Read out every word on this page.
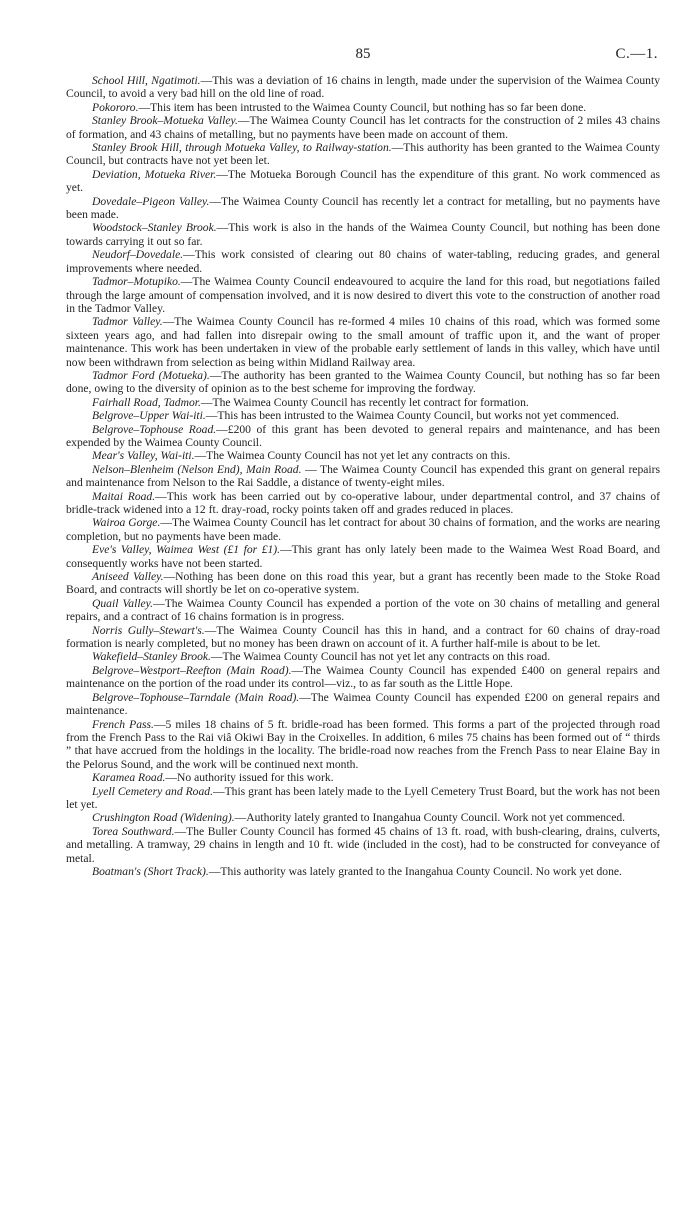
85	C.—1.

School Hill, Ngatimoti.—This was a deviation of 16 chains in length, made under the supervision of the Waimea County Council, to avoid a very bad hill on the old line of road.

Pokororo.—This item has been intrusted to the Waimea County Council, but nothing has so far been done.

Stanley Brook–Motueka Valley.—The Waimea County Council has let contracts for the construction of 2 miles 43 chains of formation, and 43 chains of metalling, but no payments have been made on account of them.

Stanley Brook Hill, through Motueka Valley, to Railway-station.—This authority has been granted to the Waimea County Council, but contracts have not yet been let.

Deviation, Motueka River.—The Motueka Borough Council has the expenditure of this grant. No work commenced as yet.

Dovedale–Pigeon Valley.—The Waimea County Council has recently let a contract for metalling, but no payments have been made.

Woodstock–Stanley Brook.—This work is also in the hands of the Waimea County Council, but nothing has been done towards carrying it out so far.

Neudorf–Dovedale.—This work consisted of clearing out 80 chains of water-tabling, reducing grades, and general improvements where needed.

Tadmor–Motupiko.—The Waimea County Council endeavoured to acquire the land for this road, but negotiations failed through the large amount of compensation involved, and it is now desired to divert this vote to the construction of another road in the Tadmor Valley.

Tadmor Valley.—The Waimea County Council has re-formed 4 miles 10 chains of this road, which was formed some sixteen years ago, and had fallen into disrepair owing to the small amount of traffic upon it, and the want of proper maintenance. This work has been undertaken in view of the probable early settlement of lands in this valley, which have until now been withdrawn from selection as being within Midland Railway area.

Tadmor Ford (Motueka).—The authority has been granted to the Waimea County Council, but nothing has so far been done, owing to the diversity of opinion as to the best scheme for improving the fordway.

Fairhall Road, Tadmor.—The Waimea County Council has recently let contract for formation.

Belgrove–Upper Wai-iti.—This has been intrusted to the Waimea County Council, but works not yet commenced.

Belgrove–Tophouse Road.—£200 of this grant has been devoted to general repairs and maintenance, and has been expended by the Waimea County Council.

Mear's Valley, Wai-iti.—The Waimea County Council has not yet let any contracts on this.

Nelson–Blenheim (Nelson End), Main Road. — The Waimea County Council has expended this grant on general repairs and maintenance from Nelson to the Rai Saddle, a distance of twenty-eight miles.

Maitai Road.—This work has been carried out by co-operative labour, under departmental control, and 37 chains of bridle-track widened into a 12 ft. dray-road, rocky points taken off and grades reduced in places.

Wairoa Gorge.—The Waimea County Council has let contract for about 30 chains of formation, and the works are nearing completion, but no payments have been made.

Eve's Valley, Waimea West (£1 for £1).—This grant has only lately been made to the Waimea West Road Board, and consequently works have not been started.

Aniseed Valley.—Nothing has been done on this road this year, but a grant has recently been made to the Stoke Road Board, and contracts will shortly be let on co-operative system.

Quail Valley.—The Waimea County Council has expended a portion of the vote on 30 chains of metalling and general repairs, and a contract of 16 chains formation is in progress.

Norris Gully–Stewart's.—The Waimea County Council has this in hand, and a contract for 60 chains of dray-road formation is nearly completed, but no money has been drawn on account of it. A further half-mile is about to be let.

Wakefield–Stanley Brook.—The Waimea County Council has not yet let any contracts on this road.

Belgrove–Westport–Reefton (Main Road).—The Waimea County Council has expended £400 on general repairs and maintenance on the portion of the road under its control—viz., to as far south as the Little Hope.

Belgrove–Tophouse–Tarndale (Main Road).—The Waimea County Council has expended £200 on general repairs and maintenance.

French Pass.—5 miles 18 chains of 5 ft. bridle-road has been formed. This forms a part of the projected through road from the French Pass to the Rai viâ Okiwi Bay in the Croixelles. In addition, 6 miles 75 chains has been formed out of “ thirds ” that have accrued from the holdings in the locality. The bridle-road now reaches from the French Pass to near Elaine Bay in the Pelorus Sound, and the work will be continued next month.

Karamea Road.—No authority issued for this work.

Lyell Cemetery and Road.—This grant has been lately made to the Lyell Cemetery Trust Board, but the work has not been let yet.

Crushington Road (Widening).—Authority lately granted to Inangahua County Council. Work not yet commenced.

Torea Southward.—The Buller County Council has formed 45 chains of 13 ft. road, with bush-clearing, drains, culverts, and metalling. A tramway, 29 chains in length and 10 ft. wide (included in the cost), had to be constructed for conveyance of metal.

Boatman's (Short Track).—This authority was lately granted to the Inangahua County Council. No work yet done.
